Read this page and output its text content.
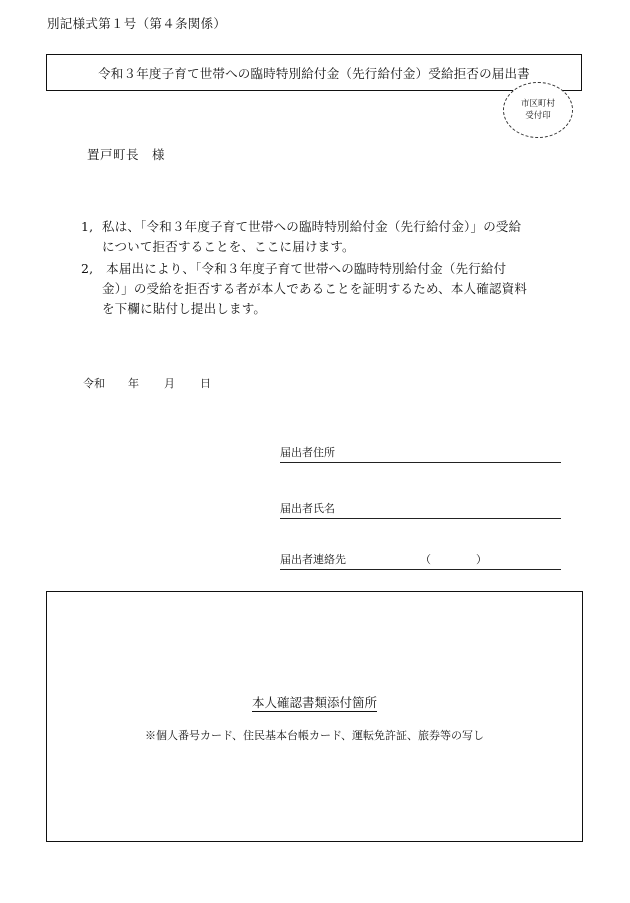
別記様式第１号（第４条関係）
令和３年度子育て世帯への臨時特別給付金（先行給付金）受給拒否の届出書
市区町村
受付印
置戸町長　様
1, 私は、「令和３年度子育て世帯への臨時特別給付金（先行給付金）」の受給
について拒否することを、ここに届けます。
2, 本届出により、「令和３年度子育て世帯への臨時特別給付金（先行給付
金）」の受給を拒否する者が本人であることを証明するため、本人確認資料
を下欄に貼付し提出します。
令和 年 月 日
届出者住所
届出者氏名
届出者連絡先	（	）
本人確認書類添付箇所
※個人番号カード、住民基本台帳カード、運転免許証、旅券等の写し
